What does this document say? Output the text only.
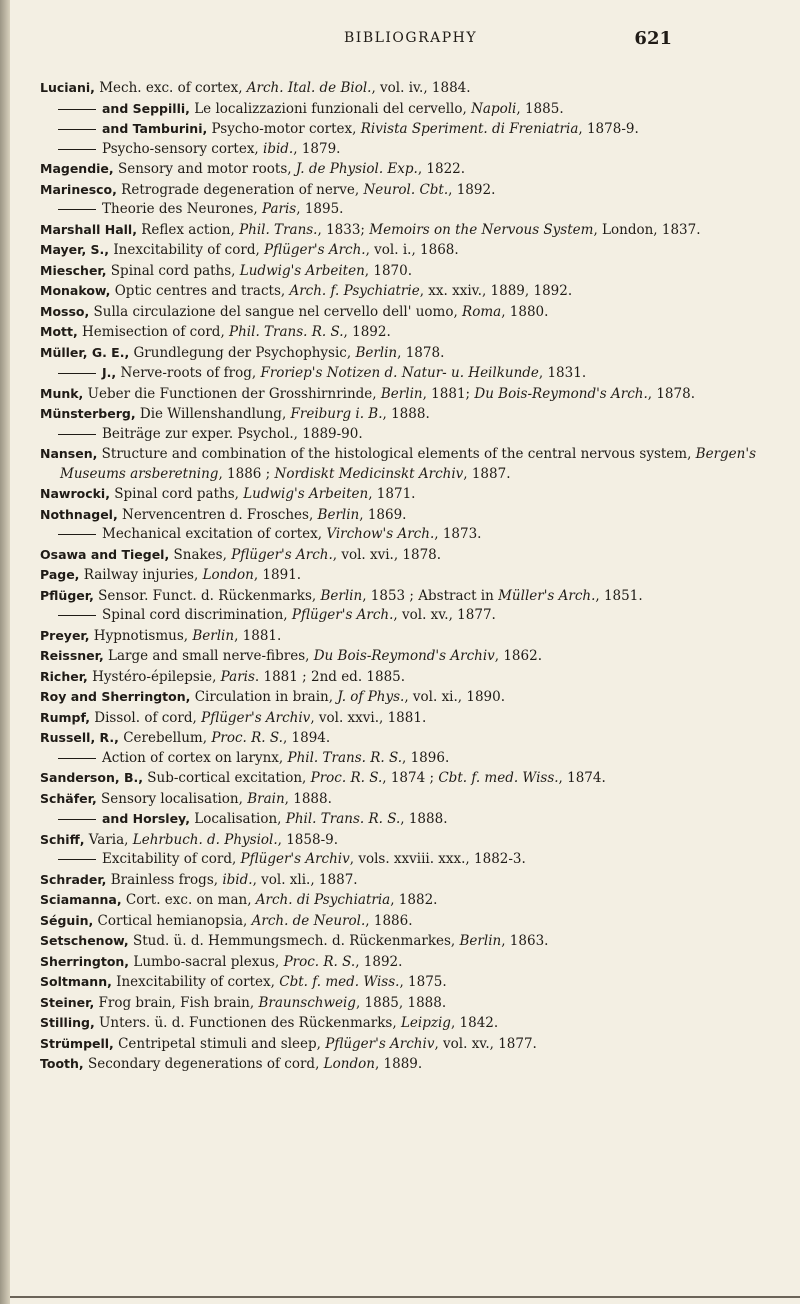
BIBLIOGRAPHY	621

Luciani, Mech. exc. of cortex, Arch. Ital. de Biol., vol. iv., 1884.

and Seppilli, Le localizzazioni funzionali del cervello, Napoli, 1885.

and Tamburini, Psycho-motor cortex, Rivista Speriment. di Freniatria, 1878-9.

Psycho-sensory cortex, ibid., 1879.

Magendie, Sensory and motor roots, J. de Physiol. Exp., 1822.

Marinesco, Retrograde degeneration of nerve, Neurol. Cbt., 1892.

Theorie des Neurones, Paris, 1895.

Marshall Hall, Reflex action, Phil. Trans., 1833; Memoirs on the Nervous System, London, 1837.

Mayer, S., Inexcitability of cord, Pflüger's Arch., vol. i., 1868.

Miescher, Spinal cord paths, Ludwig's Arbeiten, 1870.

Monakow, Optic centres and tracts, Arch. f. Psychiatrie, xx. xxiv., 1889, 1892.

Mosso, Sulla circulazione del sangue nel cervello dell' uomo, Roma, 1880.

Mott, Hemisection of cord, Phil. Trans. R. S., 1892.

Müller, G. E., Grundlegung der Psychophysic, Berlin, 1878.

J., Nerve-roots of frog, Froriep's Notizen d. Natur- u. Heilkunde, 1831.

Munk, Ueber die Functionen der Grosshirnrinde, Berlin, 1881; Du Bois-Reymond's Arch., 1878.

Münsterberg, Die Willenshandlung, Freiburg i. B., 1888.

Beiträge zur exper. Psychol., 1889-90.

Nansen, Structure and combination of the histological elements of the central nervous system, Bergen's Museums arsberetning, 1886 ; Nordiskt Medicinskt Archiv, 1887.

Nawrocki, Spinal cord paths, Ludwig's Arbeiten, 1871.

Nothnagel, Nervencentren d. Frosches, Berlin, 1869.

Mechanical excitation of cortex, Virchow's Arch., 1873.

Osawa and Tiegel, Snakes, Pflüger's Arch., vol. xvi., 1878.

Page, Railway injuries, London, 1891.

Pflüger, Sensor. Funct. d. Rückenmarks, Berlin, 1853 ; Abstract in Müller's Arch., 1851.

Spinal cord discrimination, Pflüger's Arch., vol. xv., 1877.

Preyer, Hypnotismus, Berlin, 1881.

Reissner, Large and small nerve-fibres, Du Bois-Reymond's Archiv, 1862.

Richer, Hystéro-épilepsie, Paris. 1881 ; 2nd ed. 1885.

Roy and Sherrington, Circulation in brain, J. of Phys., vol. xi., 1890.

Rumpf, Dissol. of cord, Pflüger's Archiv, vol. xxvi., 1881.

Russell, R., Cerebellum, Proc. R. S., 1894.

Action of cortex on larynx, Phil. Trans. R. S., 1896.

Sanderson, B., Sub-cortical excitation, Proc. R. S., 1874 ; Cbt. f. med. Wiss., 1874.

Schäfer, Sensory localisation, Brain, 1888.

and Horsley, Localisation, Phil. Trans. R. S., 1888.

Schiff, Varia, Lehrbuch. d. Physiol., 1858-9.

Excitability of cord, Pflüger's Archiv, vols. xxviii. xxx., 1882-3.

Schrader, Brainless frogs, ibid., vol. xli., 1887.

Sciamanna, Cort. exc. on man, Arch. di Psychiatria, 1882.

Séguin, Cortical hemianopsia, Arch. de Neurol., 1886.

Setschenow, Stud. ü. d. Hemmungsmech. d. Rückenmarkes, Berlin, 1863.

Sherrington, Lumbo-sacral plexus, Proc. R. S., 1892.

Soltmann, Inexcitability of cortex, Cbt. f. med. Wiss., 1875.

Steiner, Frog brain, Fish brain, Braunschweig, 1885, 1888.

Stilling, Unters. ü. d. Functionen des Rückenmarks, Leipzig, 1842.

Strümpell, Centripetal stimuli and sleep, Pflüger's Archiv, vol. xv., 1877.

Tooth, Secondary degenerations of cord, London, 1889.
